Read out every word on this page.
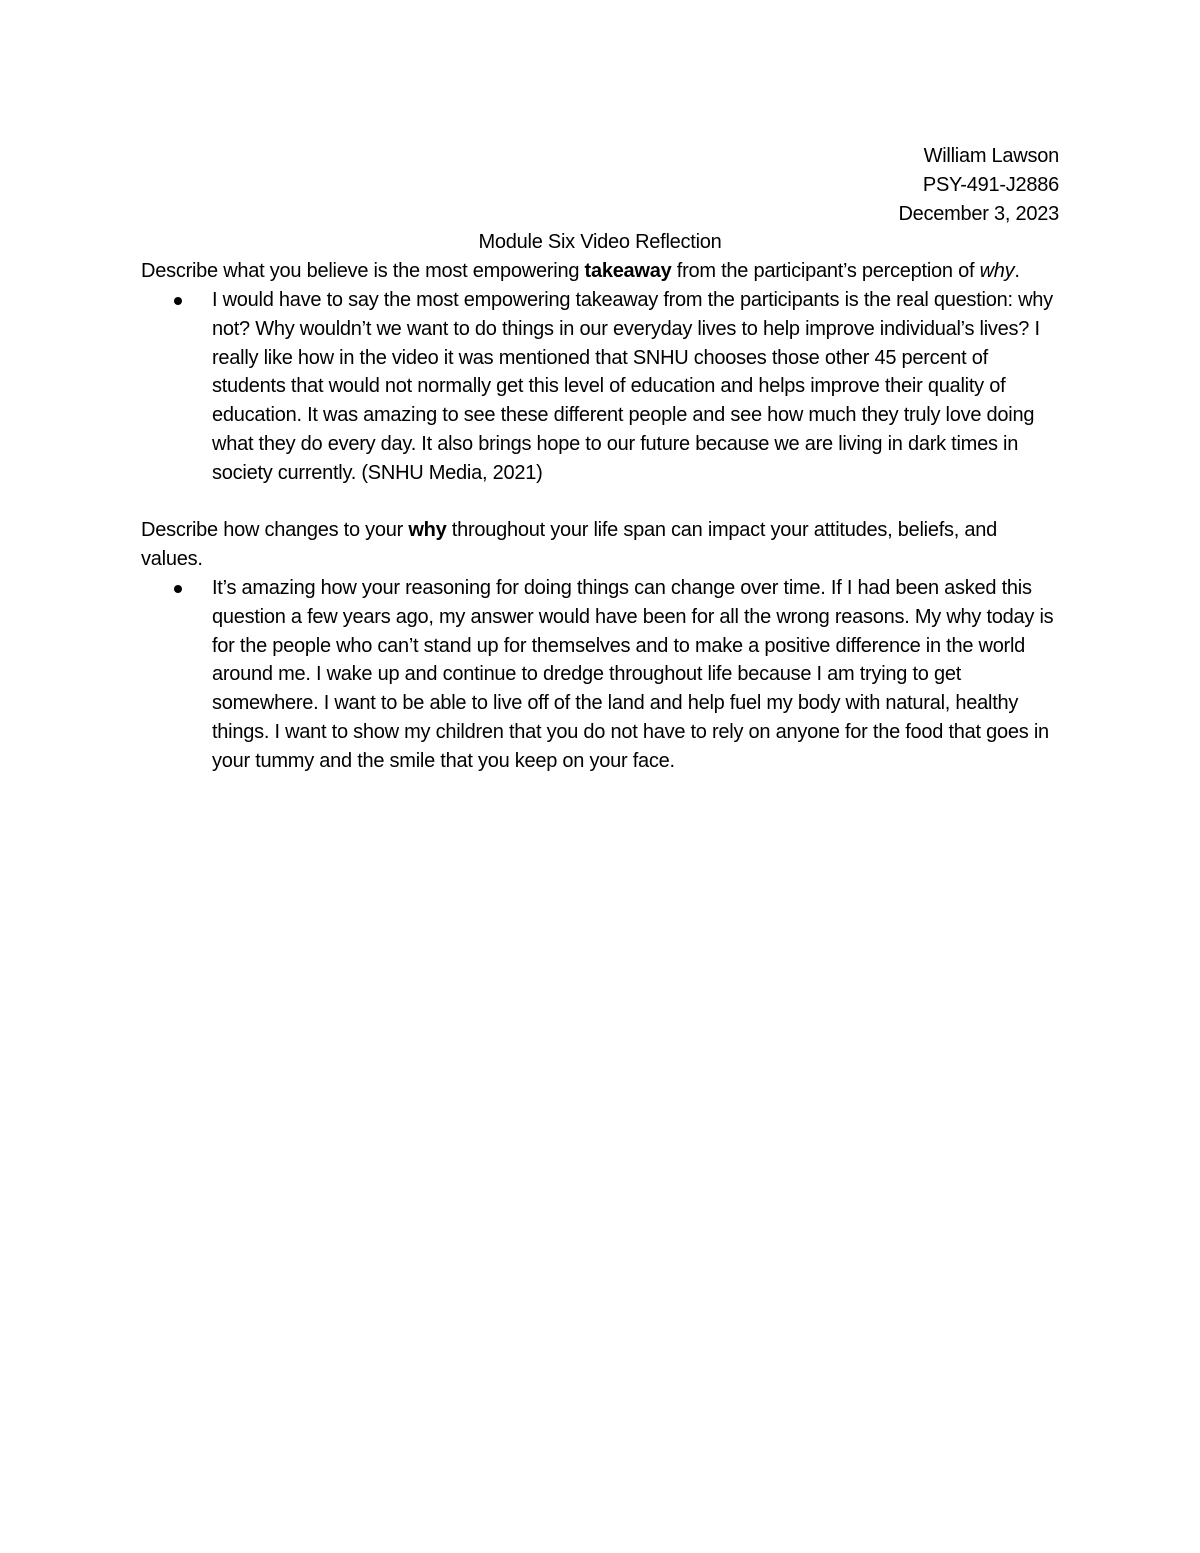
William Lawson
PSY-491-J2886
December 3, 2023
Module Six Video Reflection

Describe what you believe is the most empowering takeaway from the participant’s perception of why.

I would have to say the most empowering takeaway from the participants is the real question: why not? Why wouldn’t we want to do things in our everyday lives to help improve individual’s lives? I really like how in the video it was mentioned that SNHU chooses those other 45 percent of students that would not normally get this level of education and helps improve their quality of education. It was amazing to see these different people and see how much they truly love doing what they do every day. It also brings hope to our future because we are living in dark times in society currently. (SNHU Media, 2021)

Describe how changes to your why throughout your life span can impact your attitudes, beliefs, and values.

It’s amazing how your reasoning for doing things can change over time. If I had been asked this question a few years ago, my answer would have been for all the wrong reasons. My why today is for the people who can’t stand up for themselves and to make a positive difference in the world around me. I wake up and continue to dredge throughout life because I am trying to get somewhere. I want to be able to live off of the land and help fuel my body with natural, healthy things. I want to show my children that you do not have to rely on anyone for the food that goes in your tummy and the smile that you keep on your face.
